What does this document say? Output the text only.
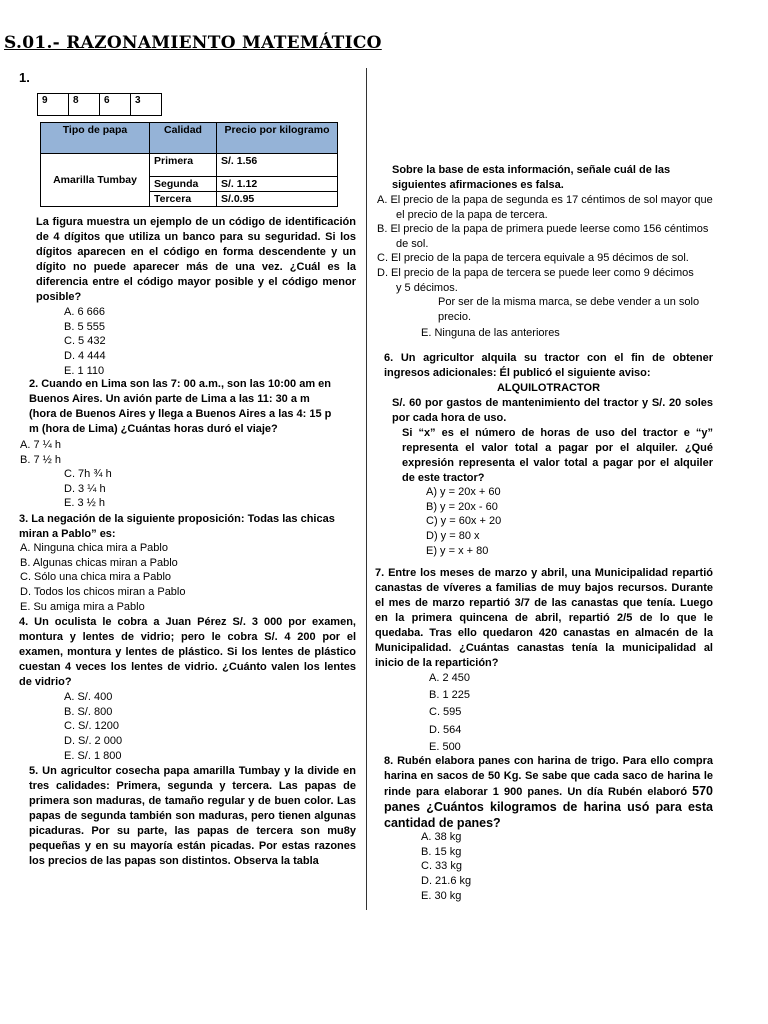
S.01.- RAZONAMIENTO MATEMÁTICO
1.
9	8	6	3
Tipo de papa	Calidad	Precio por kilogramo
Amarilla Tumbay	Primera	S/. 1.56
	Segunda	S/. 1.12
	Tercera	S/.0.95
La figura muestra un ejemplo de un código de identificación de 4 dígitos que utiliza un banco para su seguridad. Si los dígitos aparecen en el código en forma descendente y un dígito no puede aparecer más de una vez. ¿Cuál es la diferencia entre el código mayor posible y el código menor posible?
A. 6 666
B. 5 555
C. 5 432
D. 4 444
E. 1 110
2. Cuando en Lima son las 7: 00 a.m., son las 10:00 am en Buenos Aires. Un avión parte de Lima a las 11: 30 a m (hora de Buenos Aires y llega a Buenos Aires a las 4: 15 p m (hora de Lima) ¿Cuántas horas duró el viaje?
A. 7 ¼ h
B. 7 ½ h
C. 7h ¾ h
D. 3 ¼ h
E. 3 ½ h
3. La negación de la siguiente proposición: Todas las chicas miran a Pablo” es:
A. Ninguna chica mira a Pablo
B. Algunas chicas miran a Pablo
C. Sólo una chica mira a Pablo
D. Todos los chicos miran a Pablo
E. Su amiga mira a Pablo
4. Un oculista le cobra a Juan Pérez S/. 3 000 por examen, montura y lentes de vidrio; pero le cobra S/. 4 200 por el examen, montura y lentes de plástico. Si los lentes de plástico cuestan 4 veces los lentes de vidrio. ¿Cuánto valen los lentes de vidrio?
A. S/. 400
B. S/. 800
C. S/. 1200
D. S/. 2 000
E. S/. 1 800
5. Un agricultor cosecha papa amarilla Tumbay y la divide en tres calidades: Primera, segunda y tercera. Las papas de primera son maduras, de tamaño regular y de buen color. Las papas de segunda también son maduras, pero tienen algunas picaduras. Por su parte, las papas de tercera son mu8y pequeñas y en su mayoría están picadas. Por estas razones los precios de las papas son distintos. Observa la tabla
Sobre la base de esta información, señale cuál de las siguientes afirmaciones es falsa.
A. El precio de la papa de segunda es 17 céntimos de sol mayor que el precio de la papa de tercera.
B. El precio de la papa de primera puede leerse como 156 céntimos de sol.
C. El precio de la papa de tercera equivale a 95 décimos de sol.
D. El precio de la papa de tercera se puede leer como 9 décimos y 5 décimos.
Por ser de la misma marca, se debe vender a un solo precio.
E. Ninguna de las anteriores
6. Un agricultor alquila su tractor con el fin de obtener ingresos adicionales: Él publicó el siguiente aviso:
ALQUILOTRACTOR
S/. 60 por gastos de mantenimiento del tractor y S/. 20 soles por cada hora de uso.
Si “x” es el número de horas de uso del tractor e “y” representa el valor total a pagar por el alquiler. ¿Qué expresión representa el valor total a pagar por el alquiler de este tractor?
A) y = 20x + 60
B) y = 20x - 60
C) y = 60x + 20
D) y = 80 x
E) y = x + 80
7. Entre los meses de marzo y abril, una Municipalidad repartió canastas de víveres a familias de muy bajos recursos. Durante el mes de marzo repartió 3/7 de las canastas que tenía. Luego en la primera quincena de abril, repartió 2/5 de lo que le quedaba. Tras ello quedaron 420 canastas en almacén de la Municipalidad. ¿Cuántas canastas tenía la municipalidad al inicio de la repartición?
A. 2 450
B. 1 225
C. 595
D. 564
E. 500
8. Rubén elabora panes con harina de trigo. Para ello compra harina en sacos de 50 Kg. Se sabe que cada saco de harina le rinde para elaborar 1 900 panes. Un día Rubén elaboró 570 panes ¿Cuántos kilogramos de harina usó para esta cantidad de panes?
A. 38 kg
B. 15 kg
C. 33 kg
D. 21.6 kg
E. 30 kg
